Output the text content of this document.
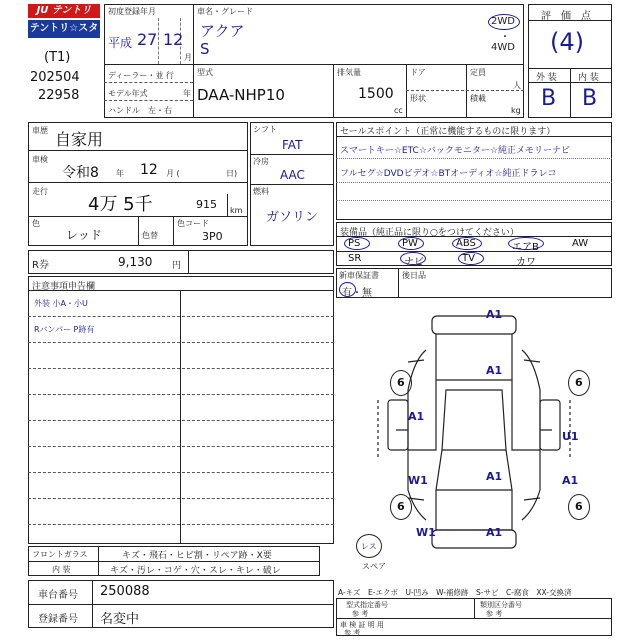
JU テントリ
テントリ☆スター
(T1)
202504
22958
初度登録年月
平成 27 12
月
ディーラー・並 行
モデル年式	年
ハンドル　左・右
車名・グレード
アクア
S
2WD
・
4WD
型式
DAA-NHP10
排気量
1500
cc
ドア
形状
定員
人
積載
kg
評　価　点
(4)
外 装 内 装
B B
車歴 自家用
車検
令和8 年 12 月 (	日)
走行
4万 5千	915 km
色
レッド	色替
色コード
3P0
シフト
FAT
冷房
AAC
燃料
ガソリン
セールスポイント（正常に機能するものに限ります）
スマートキー☆ETC☆バックモニター☆純正メモリーナビ
フルセグ☆DVDビデオ☆BTオーディオ☆純正ドラレコ
装備品（純正品に限り○をつけてください）
PS	PW	ABS	エアB	AW
SR	ナビ	TV	カワ
R券	9,130 円
新車保証書
有・無
後日品
注意事項申告欄
外装 小A・小U
Rバンパー P跡有
A1
A1
6	6
A1
U1
W1	A1
6	6
W1	A1
A1
レス
スペア
A-キズ　E-エクボ　U-凹み　W-補修跡　S-サビ　C-腐食　XX-交換済
フロントガラス	キズ・飛石・ヒビ割・リペア跡・X要
内 装	キズ・汚レ・コゲ・穴・スレ・キレ・破レ
車台番号 250088
登録番号 名変中
型式指定番号
参 考
類別区分番号
参 考
車 検 証 明 用
参 考
